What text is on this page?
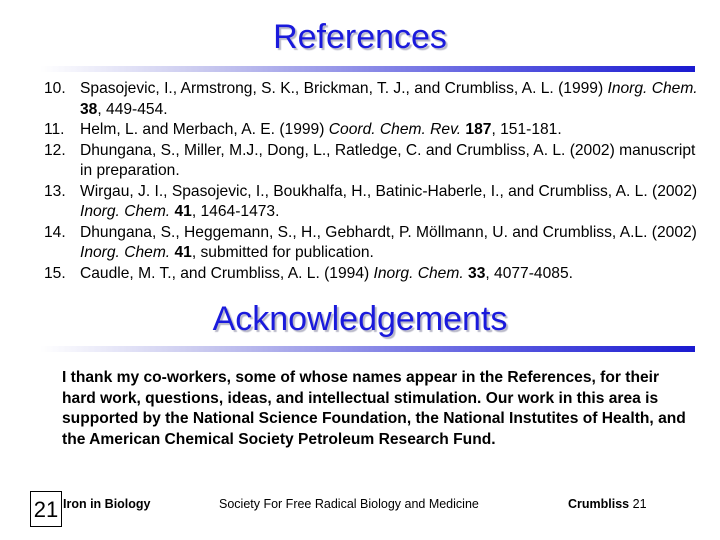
References
10. Spasojevic, I., Armstrong, S. K., Brickman, T. J., and Crumbliss, A. L. (1999) Inorg. Chem. 38, 449-454.
11. Helm, L. and Merbach, A. E. (1999) Coord. Chem. Rev. 187, 151-181.
12. Dhungana, S., Miller, M.J., Dong, L., Ratledge, C. and Crumbliss, A. L. (2002) manuscript in preparation.
13. Wirgau, J. I., Spasojevic, I., Boukhalfa, H., Batinic-Haberle, I., and Crumbliss, A. L. (2002) Inorg. Chem. 41, 1464-1473.
14. Dhungana, S., Heggemann, S., H., Gebhardt, P. Möllmann, U. and Crumbliss, A.L. (2002) Inorg. Chem. 41, submitted for publication.
15. Caudle, M. T., and Crumbliss, A. L. (1994) Inorg. Chem. 33, 4077-4085.
Acknowledgements
I thank my co-workers, some of whose names appear in the References, for their hard work, questions, ideas, and intellectual stimulation. Our work in this area is supported by the National Science Foundation, the National Instutites of Health, and the American Chemical Society Petroleum Research Fund.
21 Iron in Biology	Society For Free Radical Biology and Medicine	Crumbliss 21
